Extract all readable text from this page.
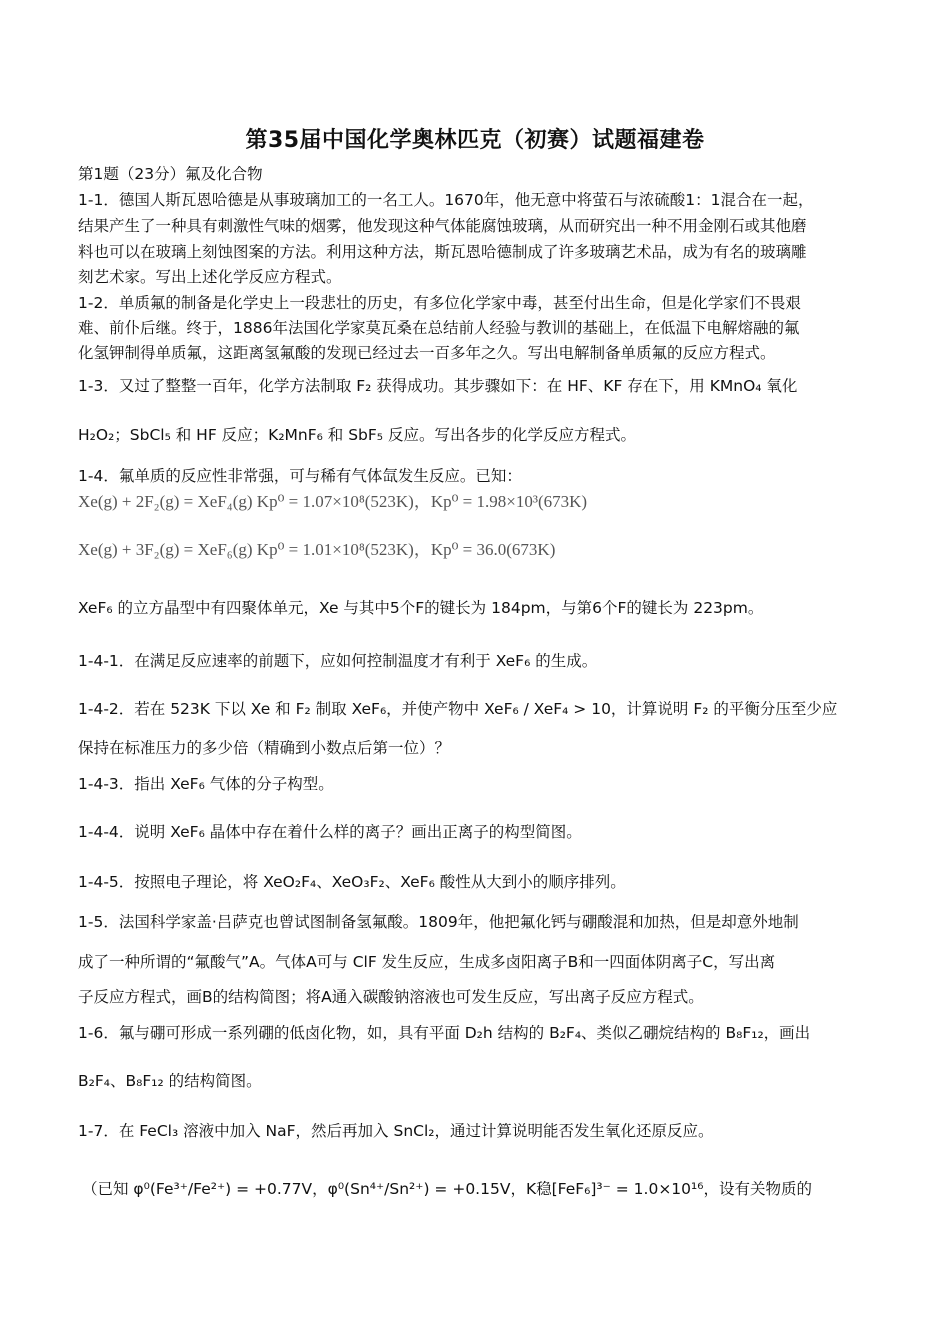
第35届中国化学奥林匹克（初赛）试题福建卷
第1题（23分）氟及化合物
1-1．德国人斯瓦恩哈德是从事玻璃加工的一名工人。1670年，他无意中将萤石与浓硫酸1：1混合在一起，
结果产生了一种具有刺激性气味的烟雾，他发现这种气体能腐蚀玻璃，从而研究出一种不用金刚石或其他磨
料也可以在玻璃上刻蚀图案的方法。利用这种方法，斯瓦恩哈德制成了许多玻璃艺术品，成为有名的玻璃雕
刻艺术家。写出上述化学反应方程式。
1-2．单质氟的制备是化学史上一段悲壮的历史，有多位化学家中毒，甚至付出生命，但是化学家们不畏艰
难、前仆后继。终于，1886年法国化学家莫瓦桑在总结前人经验与教训的基础上，在低温下电解熔融的氟
化氢钾制得单质氟，这距离氢氟酸的发现已经过去一百多年之久。写出电解制备单质氟的反应方程式。
1-3．又过了整整一百年，化学方法制取 F₂ 获得成功。其步骤如下：在 HF、KF 存在下，用 KMnO₄ 氧化
H₂O₂；SbCl₅ 和 HF 反应；K₂MnF₆ 和 SbF₅ 反应。写出各步的化学反应方程式。
1-4．氟单质的反应性非常强，可与稀有气体氙发生反应。已知：
Xe(g) + 2F₂(g) = XeF₄(g) Kp⁰ = 1.07×10⁸(523K)，Kp⁰ = 1.98×10³(673K)
Xe(g) + 3F₂(g) = XeF₆(g) Kp⁰ = 1.01×10⁸(523K)，Kp⁰ = 36.0(673K)
XeF₆ 的立方晶型中有四聚体单元，Xe 与其中5个F的键长为 184pm，与第6个F的键长为 223pm。
1-4-1．在满足反应速率的前题下，应如何控制温度才有利于 XeF₆ 的生成。
1-4-2．若在 523K 下以 Xe 和 F₂ 制取 XeF₆，并使产物中 XeF₆ / XeF₄ > 10，计算说明 F₂ 的平衡分压至少应
保持在标准压力的多少倍（精确到小数点后第一位）？
1-4-3．指出 XeF₆ 气体的分子构型。
1-4-4．说明 XeF₆ 晶体中存在着什么样的离子？画出正离子的构型简图。
1-4-5．按照电子理论，将 XeO₂F₄、XeO₃F₂、XeF₆ 酸性从大到小的顺序排列。
1-5．法国科学家盖·吕萨克也曾试图制备氢氟酸。1809年，他把氟化钙与硼酸混和加热，但是却意外地制
成了一种所谓的“氟酸气”A。气体A可与 ClF 发生反应，生成多卤阳离子B和一四面体阴离子C，写出离
子反应方程式，画B的结构简图；将A通入碳酸钠溶液也可发生反应，写出离子反应方程式。
1-6．氟与硼可形成一系列硼的低卤化物，如，具有平面 D₂h 结构的 B₂F₄、类似乙硼烷结构的 B₈F₁₂，画出
B₂F₄、B₈F₁₂ 的结构简图。
1-7．在 FeCl₃ 溶液中加入 NaF，然后再加入 SnCl₂，通过计算说明能否发生氧化还原反应。
（已知 φ⁰(Fe³⁺/Fe²⁺) = +0.77V，φ⁰(Sn⁴⁺/Sn²⁺) = +0.15V，K稳[FeF₆]³⁻ = 1.0×10¹⁶，设有关物质的
